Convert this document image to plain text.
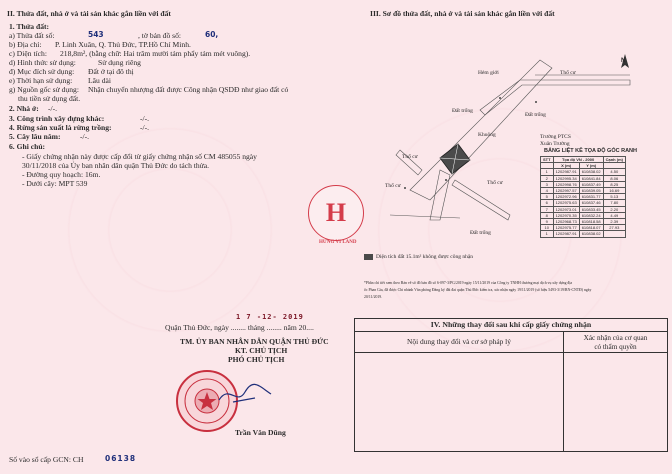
II. Thửa đất, nhà ở và tài sản khác gắn liền với đất
1. Thửa đất:
a) Thửa đất số:	543	, tờ bản đồ số:	60,
b) Địa chỉ: P. Linh Xuân, Q. Thủ Đức, TP.Hồ Chí Minh.
c) Diện tích: 218,8m², (bằng chữ: Hai trăm mười tám phẩy tám mét vuông).
d) Hình thức sử dụng:	Sử dụng riêng
đ) Mục đích sử dụng: Đất ở tại đô thị
e) Thời hạn sử dụng: Lâu dài
g) Nguồn gốc sử dụng: Nhận chuyển nhượng đất được Công nhận QSDĐ như giao đất có
thu tiền sử dụng đất.
2. Nhà ở: -/-.
3. Công trình xây dựng khác:	-/-.
4. Rừng sản xuất là rừng trồng:	-/-.
5. Cây lâu năm:	-/-.
6. Ghi chú:
- Giấy chứng nhận này được cấp đổi từ giấy chứng nhận số CM 485055 ngày
30/11/2018 của Ủy ban nhân dân quận Thủ Đức do tách thửa.
- Đường quy hoạch: 16m.
- Dưới cây: MPT 539
1 7 -12- 2019
Quận Thủ Đức, ngày ........ tháng ........ năm 20....
TM. ỦY BAN NHÂN DÂN QUẬN THỦ ĐỨC
KT. CHỦ TỊCH
PHÓ CHỦ TỊCH
Trần Văn Dũng
Số vào sổ cấp GCN: CH	06138
H
HƯNG VI LAND
III. Sơ đồ thửa đất, nhà ở và tài sản khác gắn liền với đất
Hẻm giới
Đất trống
Đất trống
Thổ cư
Khuông	Trường PTCS Xuân Trường
Thổ cư
Thổ cư
Thổ cư
Đất trống
N
Diện tích đất 15.1m² không được công nhận
BẢNG LIỆT KÊ TỌA ĐỘ GÓC RANH
STT	Tọa độ VN - 2000		Cạnh (m)
	X (m)	Y (m)	
1	1202987.91	610838.02	4.50
2	1202995.34	610841.84	8.06
3	1202998.76	610837.49	8.25
4	1202997.57	610839.05	16.69
5	1202972.96	610831.77	5.13
6	1202975.63	610837.46	7.80
7	1202973.01	610833.45	2.20
8	1202970.35	610832.24	4.49
9	1202968.73	610818.58	2.39
10	1202975.77	610818.07	27.93
1	1202987.91	610838.02	
*Phần chỉ tiết xem theo Bản vẽ số đồ bản đồ số 6-097-3/PG/2019 ngày 15/11/2019 của Công ty TNHH thương mại dịch vụ xây dựng địa
ốc Phan Gia, đã được Chi nhánh Văn phòng Đăng ký đất đai quận Thủ Đức kiểm tra, xác nhận ngày 19/11/2019 (số hiệu 5493-3/19/BN-CNTĐ) ngày
20/11/2019.
IV. Những thay đổi sau khi cấp giấy chứng nhận
Nội dung thay đổi và cơ sở pháp lý	Xác nhận của cơ quan
có thẩm quyền
